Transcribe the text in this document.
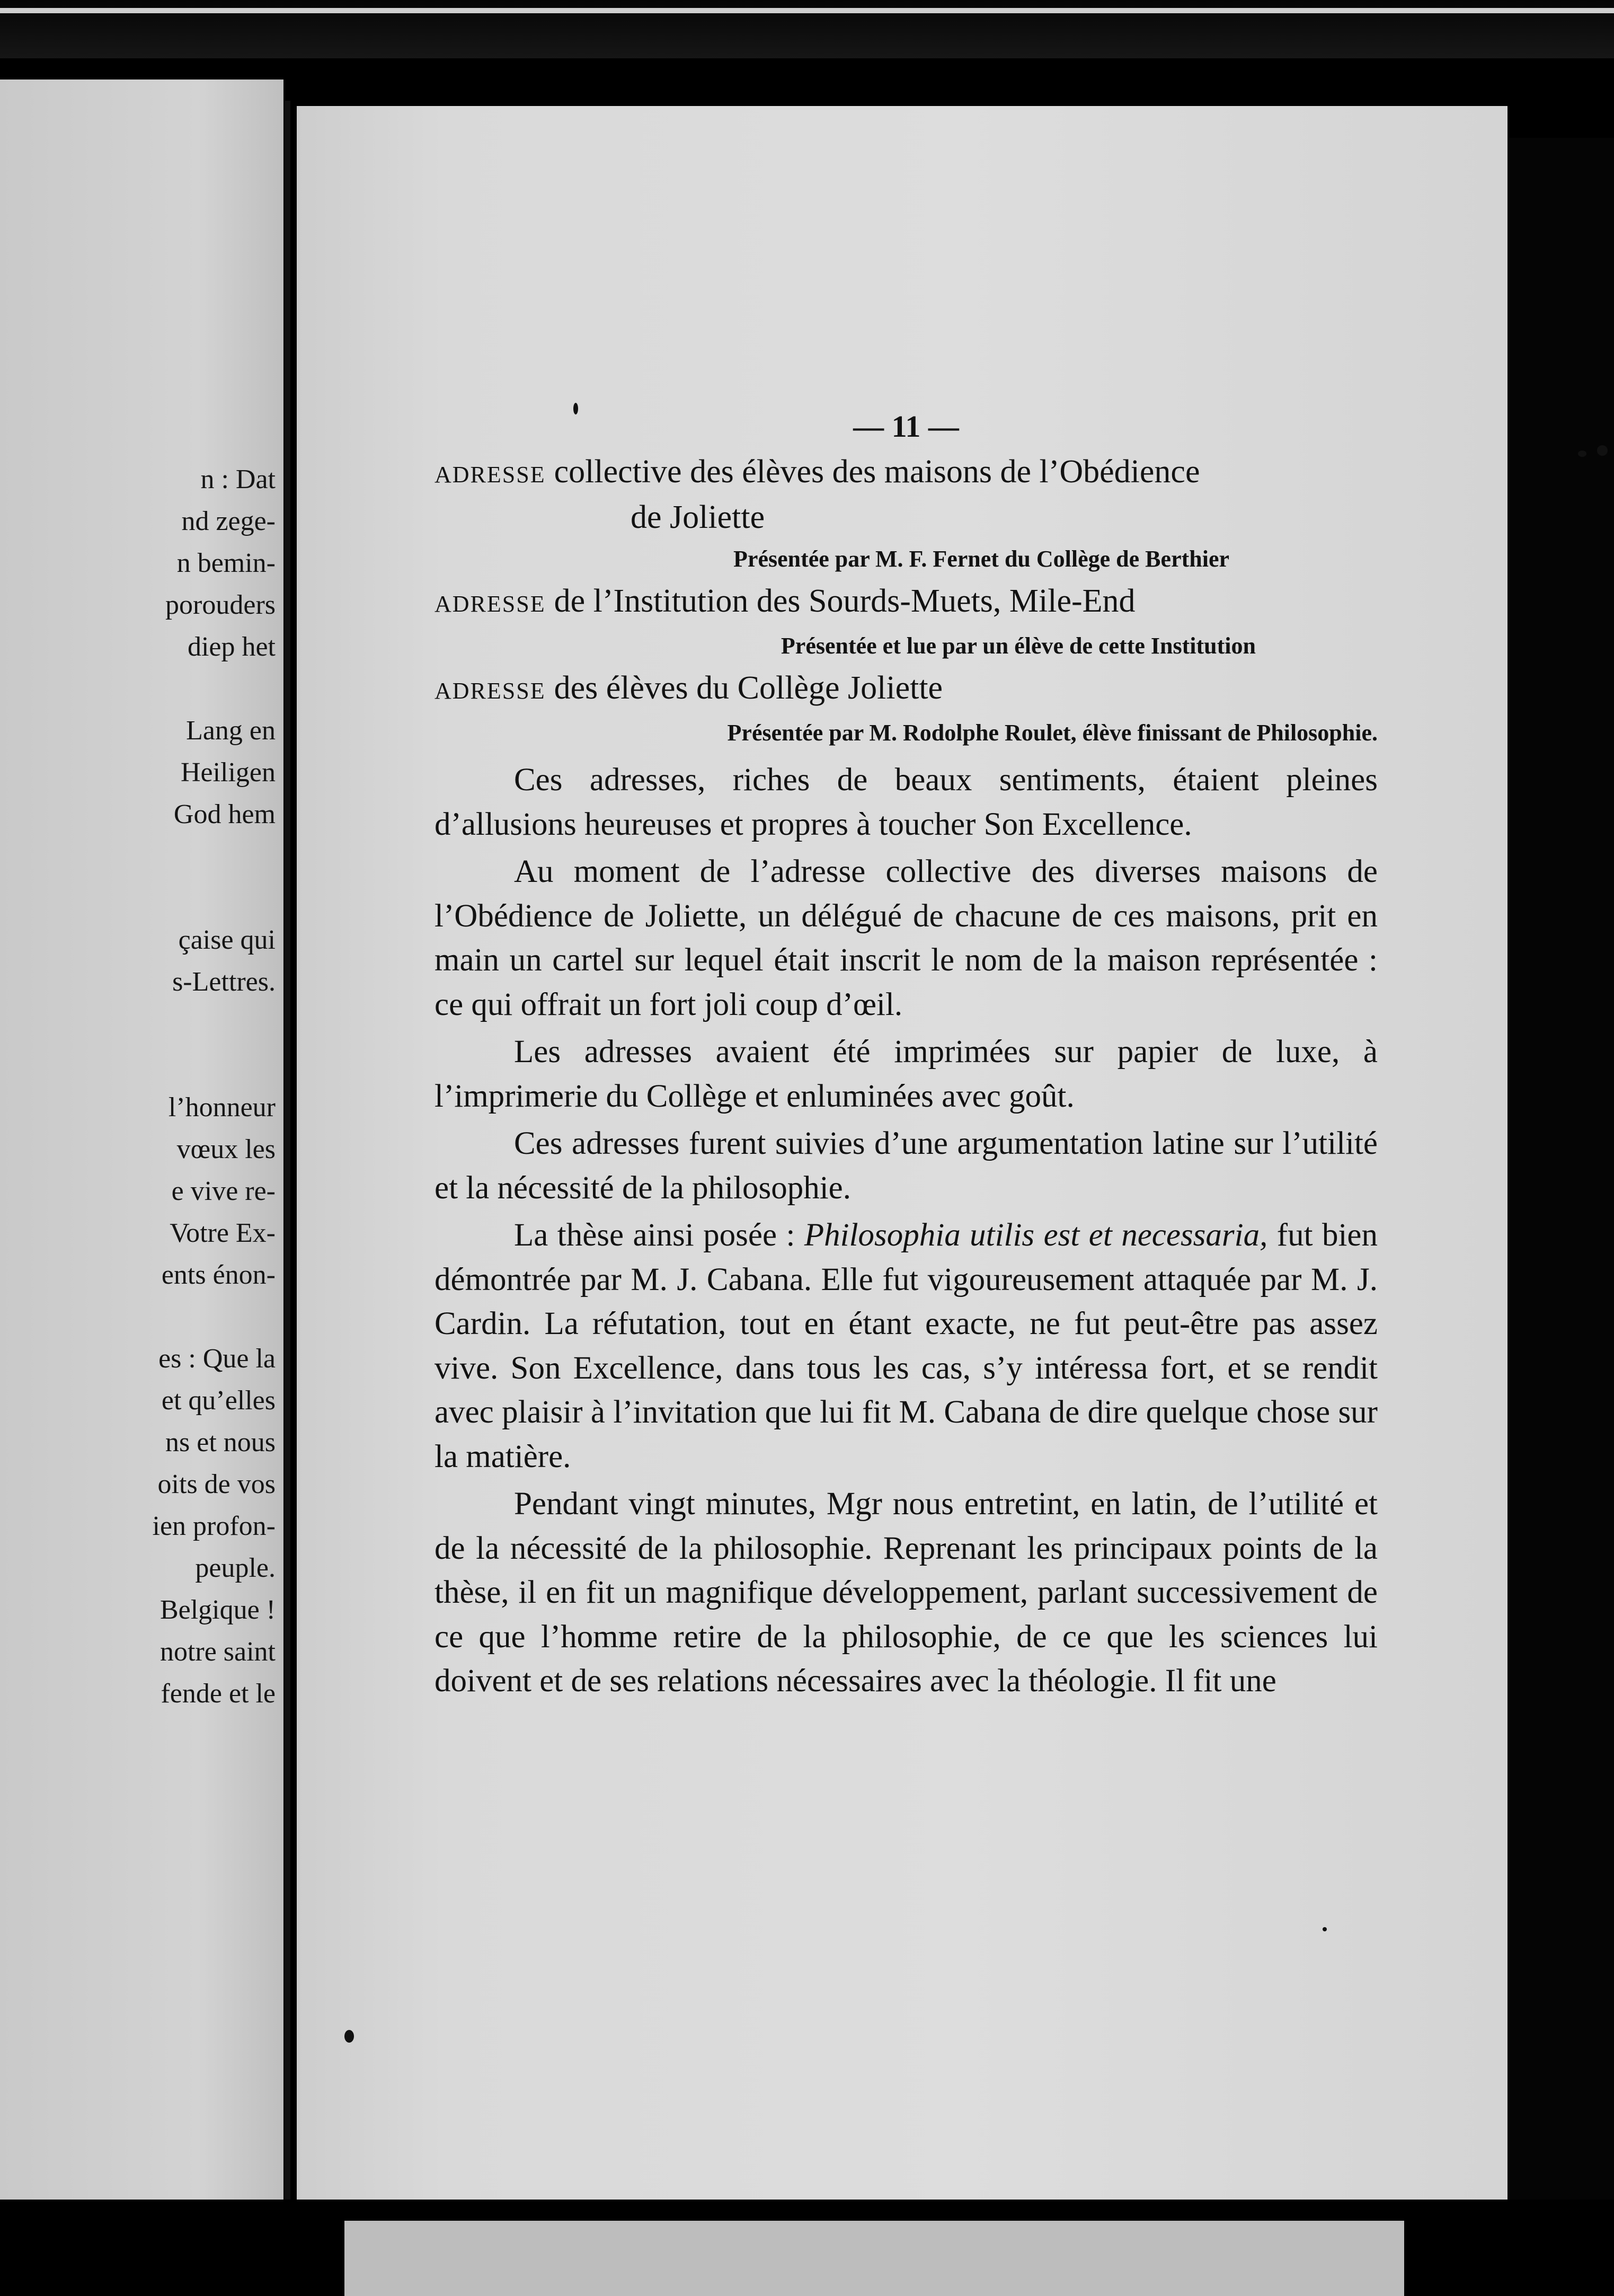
n : Dat
nd zege-
n bemin-
porouders
diep het
Lang en
Heiligen
God hem
çaise qui
s-Lettres.
l’honneur
vœux les
e vive re-
Votre Ex-
ents énon-
es : Que la
et qu’elles
ns et nous
oits de vos
ien profon-
peuple.
Belgique !
notre saint
fende et le
— 11 —
ADRESSE collective des élèves des maisons de l’Obédience
de Joliette
Présentée par M. F. Fernet du Collège de Berthier
ADRESSE de l’Institution des Sourds-Muets, Mile-End
Présentée et lue par un élève de cette Institution
ADRESSE des élèves du Collège Joliette
Présentée par M. Rodolphe Roulet, élève finissant de Philosophie.

Ces adresses, riches de beaux sentiments, étaient pleines d’allusions heureuses et propres à toucher Son Excellence.

Au moment de l’adresse collective des diverses maisons de l’Obédience de Joliette, un délégué de chacune de ces maisons, prit en main un cartel sur lequel était inscrit le nom de la maison représentée : ce qui offrait un fort joli coup d’œil.

Les adresses avaient été imprimées sur papier de luxe, à l’imprimerie du Collège et enluminées avec goût.

Ces adresses furent suivies d’une argumentation latine sur l’utilité et la nécessité de la philosophie.

La thèse ainsi posée : Philosophia utilis est et necessaria, fut bien démontrée par M. J. Cabana. Elle fut vigoureusement attaquée par M. J. Cardin. La réfutation, tout en étant exacte, ne fut peut-être pas assez vive. Son Excellence, dans tous les cas, s’y intéressa fort, et se rendit avec plaisir à l’invitation que lui fit M. Cabana de dire quelque chose sur la matière.

Pendant vingt minutes, Mgr nous entretint, en latin, de l’utilité et de la nécessité de la philosophie. Reprenant les principaux points de la thèse, il en fit un magnifique développement, parlant successivement de ce que l’homme retire de la philosophie, de ce que les sciences lui doivent et de ses relations nécessaires avec la théologie. Il fit une
